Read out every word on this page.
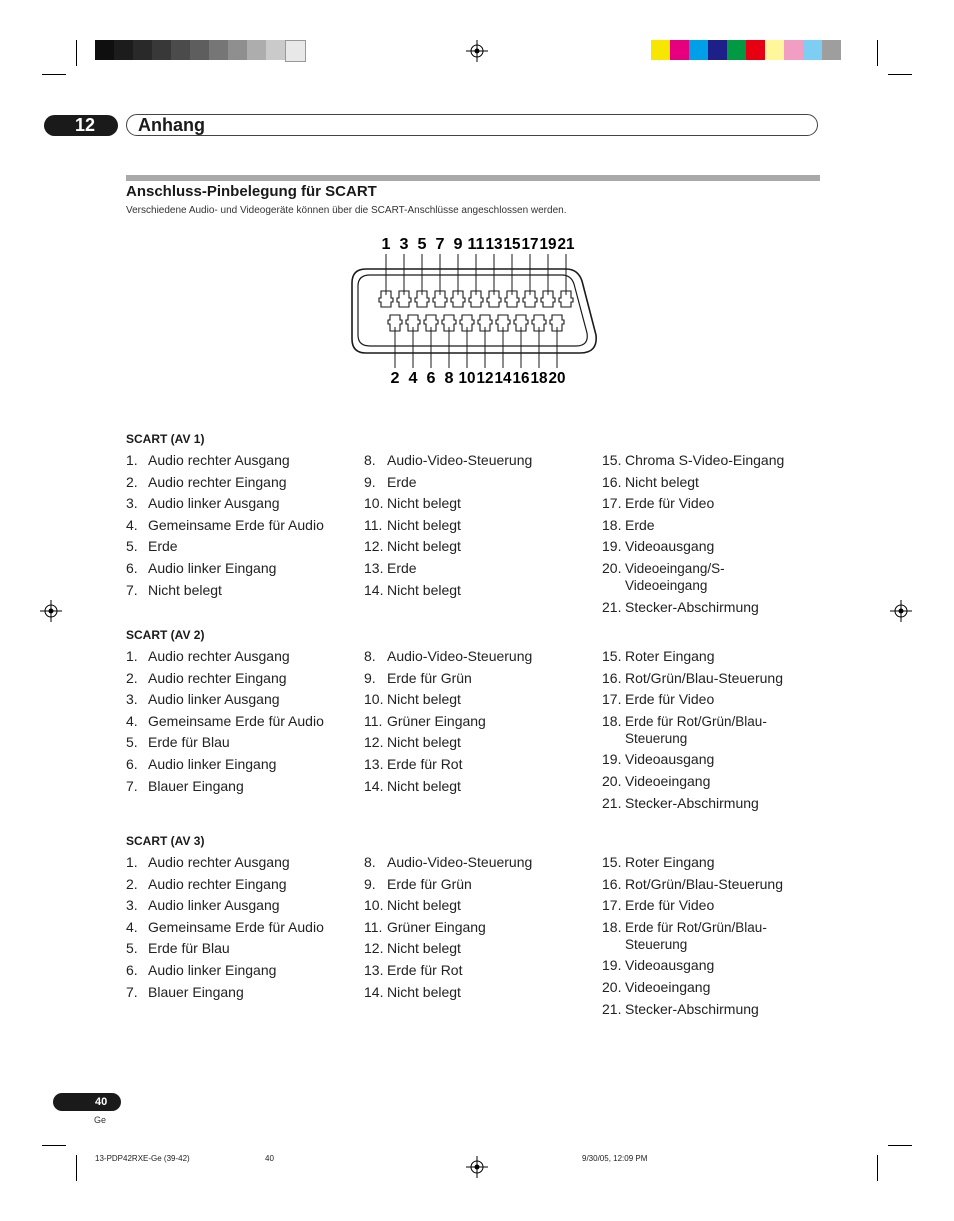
12	Anhang
Anschluss-Pinbelegung für SCART
Verschiedene Audio- und Videogeräte können über die SCART-Anschlüsse angeschlossen werden.
1 3 5 7 9 11 13 15 17 19 21
2 4 6 8 10 12 14 16 18 20
SCART (AV 1)
1. Audio rechter Ausgang
2. Audio rechter Eingang
3. Audio linker Ausgang
4. Gemeinsame Erde für Audio
5. Erde
6. Audio linker Eingang
7. Nicht belegt
8. Audio-Video-Steuerung
9. Erde
10. Nicht belegt
11. Nicht belegt
12. Nicht belegt
13. Erde
14. Nicht belegt
15. Chroma S-Video-Eingang
16. Nicht belegt
17. Erde für Video
18. Erde
19. Videoausgang
20. Videoeingang/S-Videoeingang
21. Stecker-Abschirmung
SCART (AV 2)
1. Audio rechter Ausgang
2. Audio rechter Eingang
3. Audio linker Ausgang
4. Gemeinsame Erde für Audio
5. Erde für Blau
6. Audio linker Eingang
7. Blauer Eingang
8. Audio-Video-Steuerung
9. Erde für Grün
10. Nicht belegt
11. Grüner Eingang
12. Nicht belegt
13. Erde für Rot
14. Nicht belegt
15. Roter Eingang
16. Rot/Grün/Blau-Steuerung
17. Erde für Video
18. Erde für Rot/Grün/Blau-Steuerung
19. Videoausgang
20. Videoeingang
21. Stecker-Abschirmung
SCART (AV 3)
1. Audio rechter Ausgang
2. Audio rechter Eingang
3. Audio linker Ausgang
4. Gemeinsame Erde für Audio
5. Erde für Blau
6. Audio linker Eingang
7. Blauer Eingang
8. Audio-Video-Steuerung
9. Erde für Grün
10. Nicht belegt
11. Grüner Eingang
12. Nicht belegt
13. Erde für Rot
14. Nicht belegt
15. Roter Eingang
16. Rot/Grün/Blau-Steuerung
17. Erde für Video
18. Erde für Rot/Grün/Blau-Steuerung
19. Videoausgang
20. Videoeingang
21. Stecker-Abschirmung
40
Ge
13-PDP42RXE-Ge (39-42)	40	9/30/05, 12:09 PM
